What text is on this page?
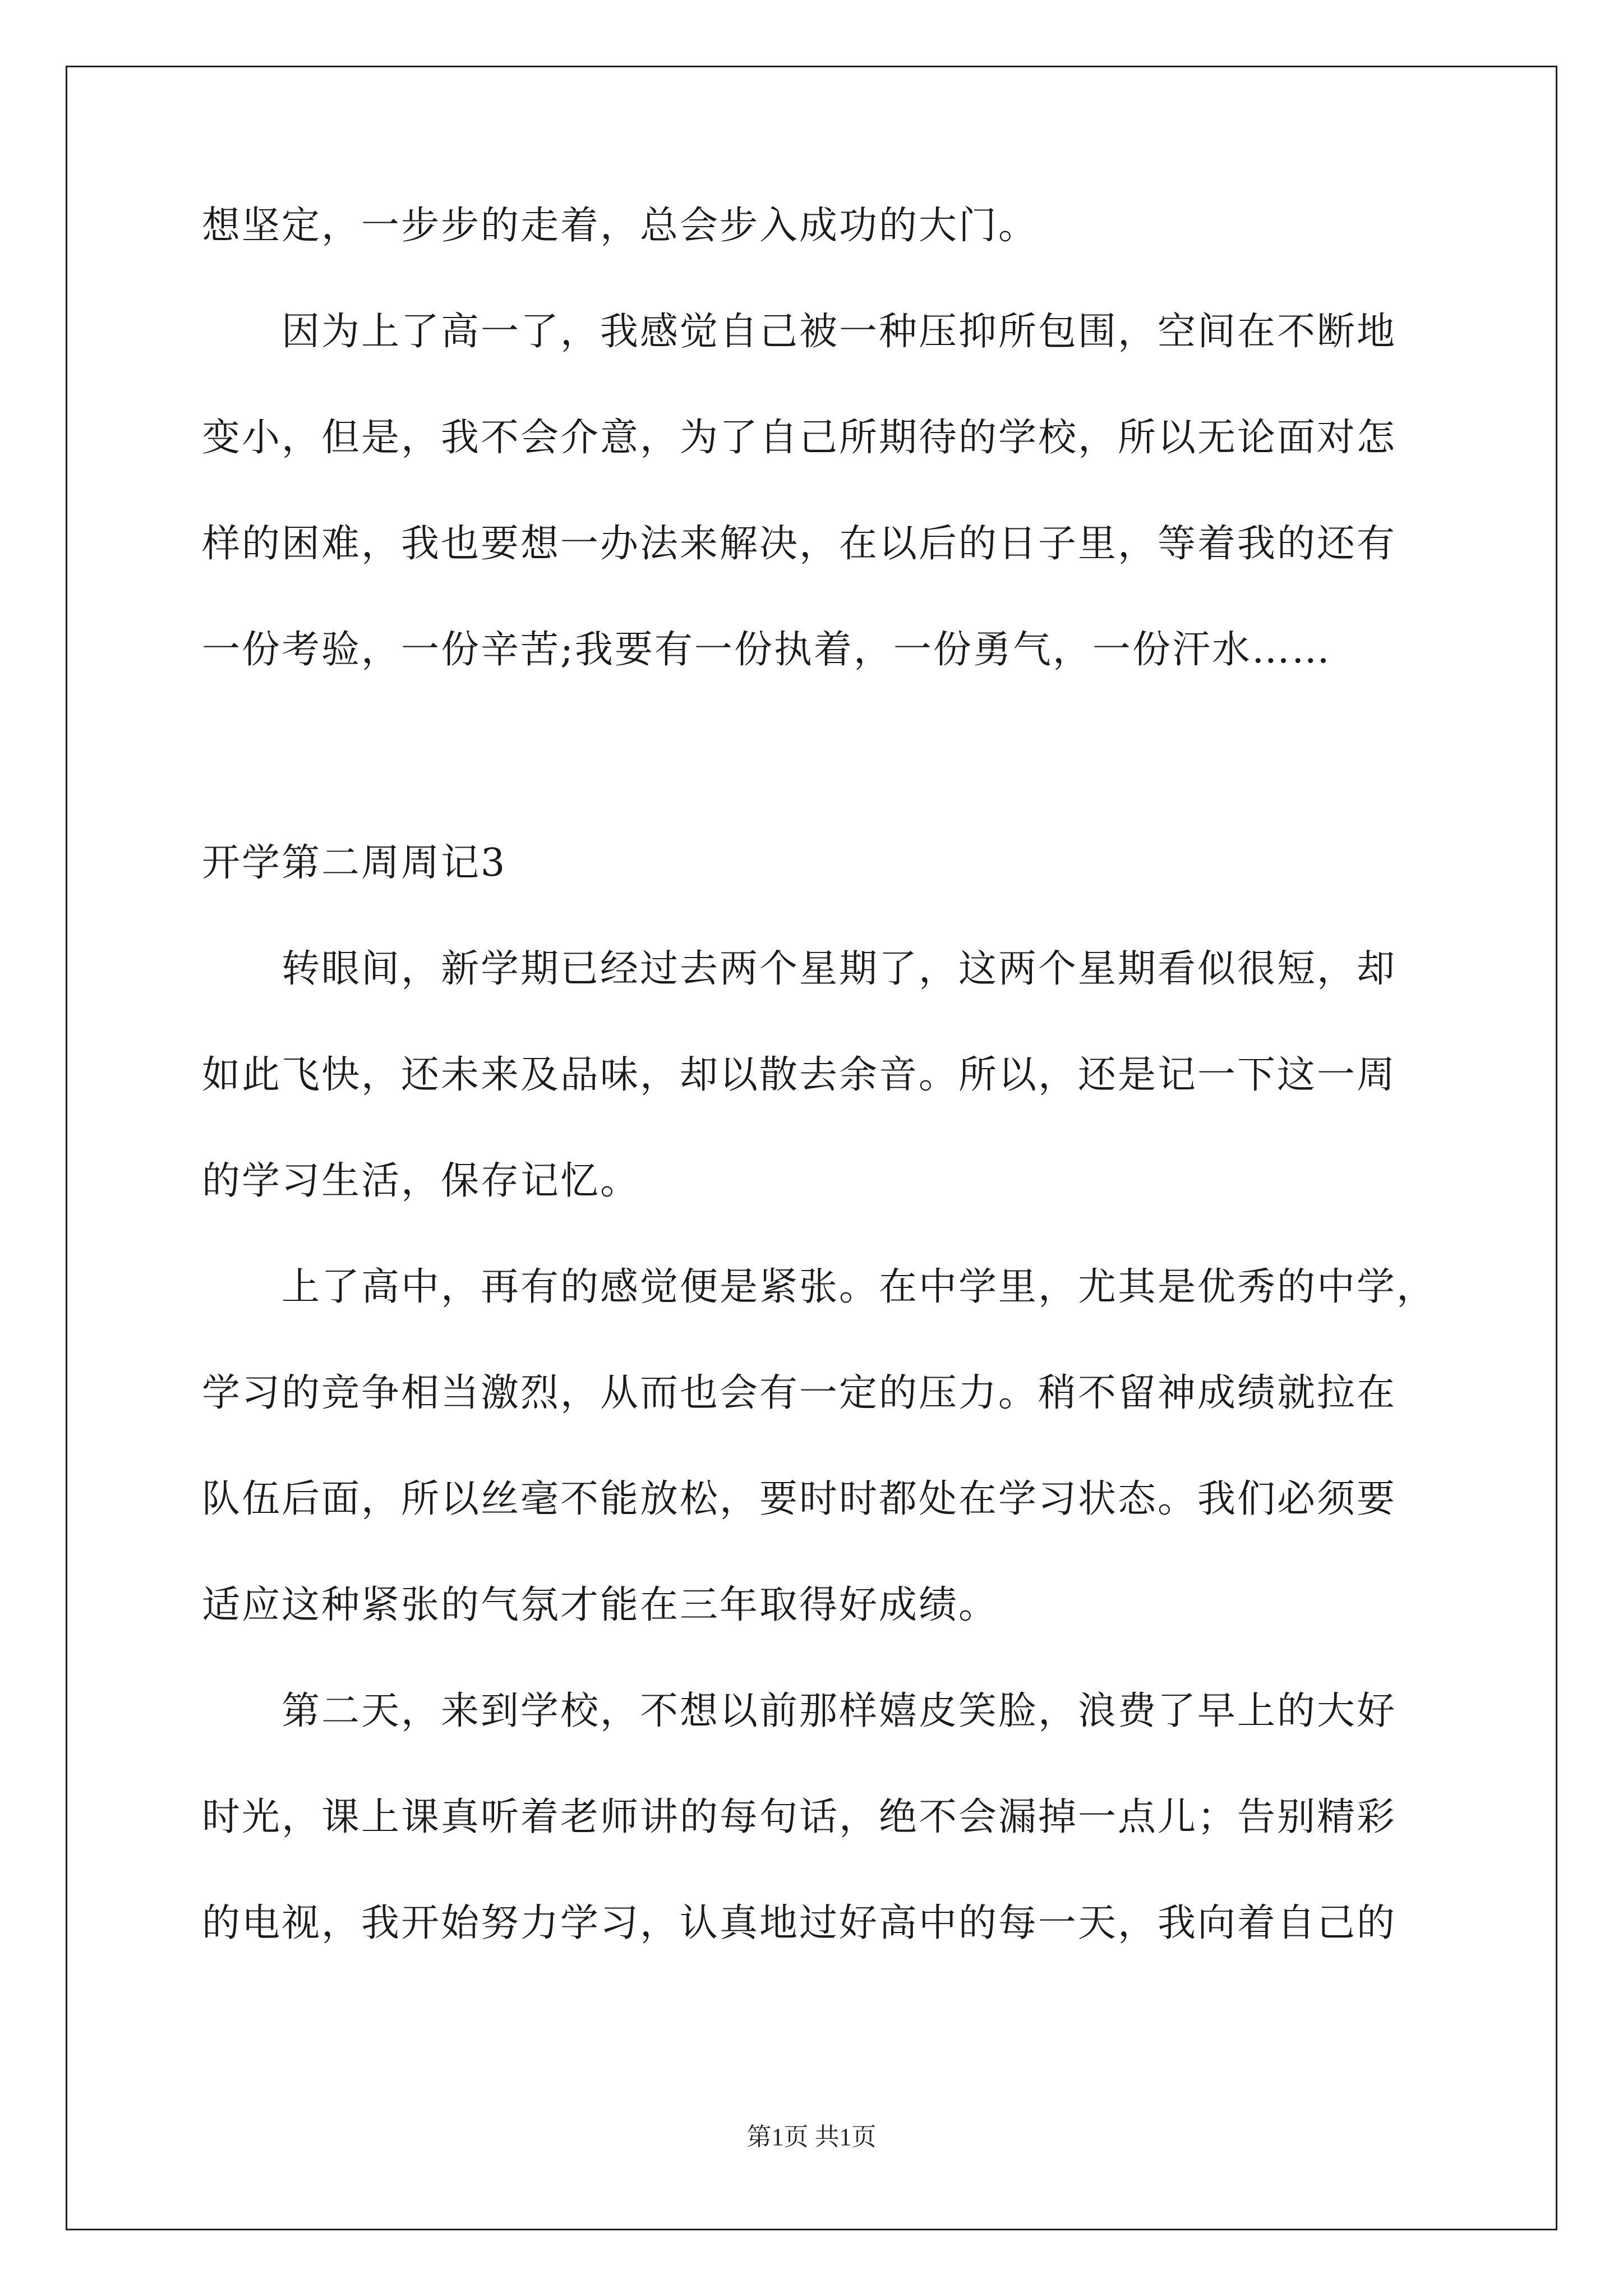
想坚定，一步步的走着，总会步入成功的大门。

　　因为上了高一了，我感觉自己被一种压抑所包围，空间在不断地

变小，但是，我不会介意，为了自己所期待的学校，所以无论面对怎

样的困难，我也要想一办法来解决，在以后的日子里，等着我的还有

一份考验，一份辛苦;我要有一份执着，一份勇气，一份汗水……

开学第二周周记3

　　转眼间，新学期已经过去两个星期了，这两个星期看似很短，却

如此飞快，还未来及品味，却以散去余音。所以，还是记一下这一周

的学习生活，保存记忆。

　　上了高中，再有的感觉便是紧张。在中学里，尤其是优秀的中学，

学习的竞争相当激烈，从而也会有一定的压力。稍不留神成绩就拉在

队伍后面，所以丝毫不能放松，要时时都处在学习状态。我们必须要

适应这种紧张的气氛才能在三年取得好成绩。

　　第二天，来到学校，不想以前那样嬉皮笑脸，浪费了早上的大好

时光，课上课真听着老师讲的每句话，绝不会漏掉一点儿；告别精彩

的电视，我开始努力学习，认真地过好高中的每一天，我向着自己的

第1页 共1页
